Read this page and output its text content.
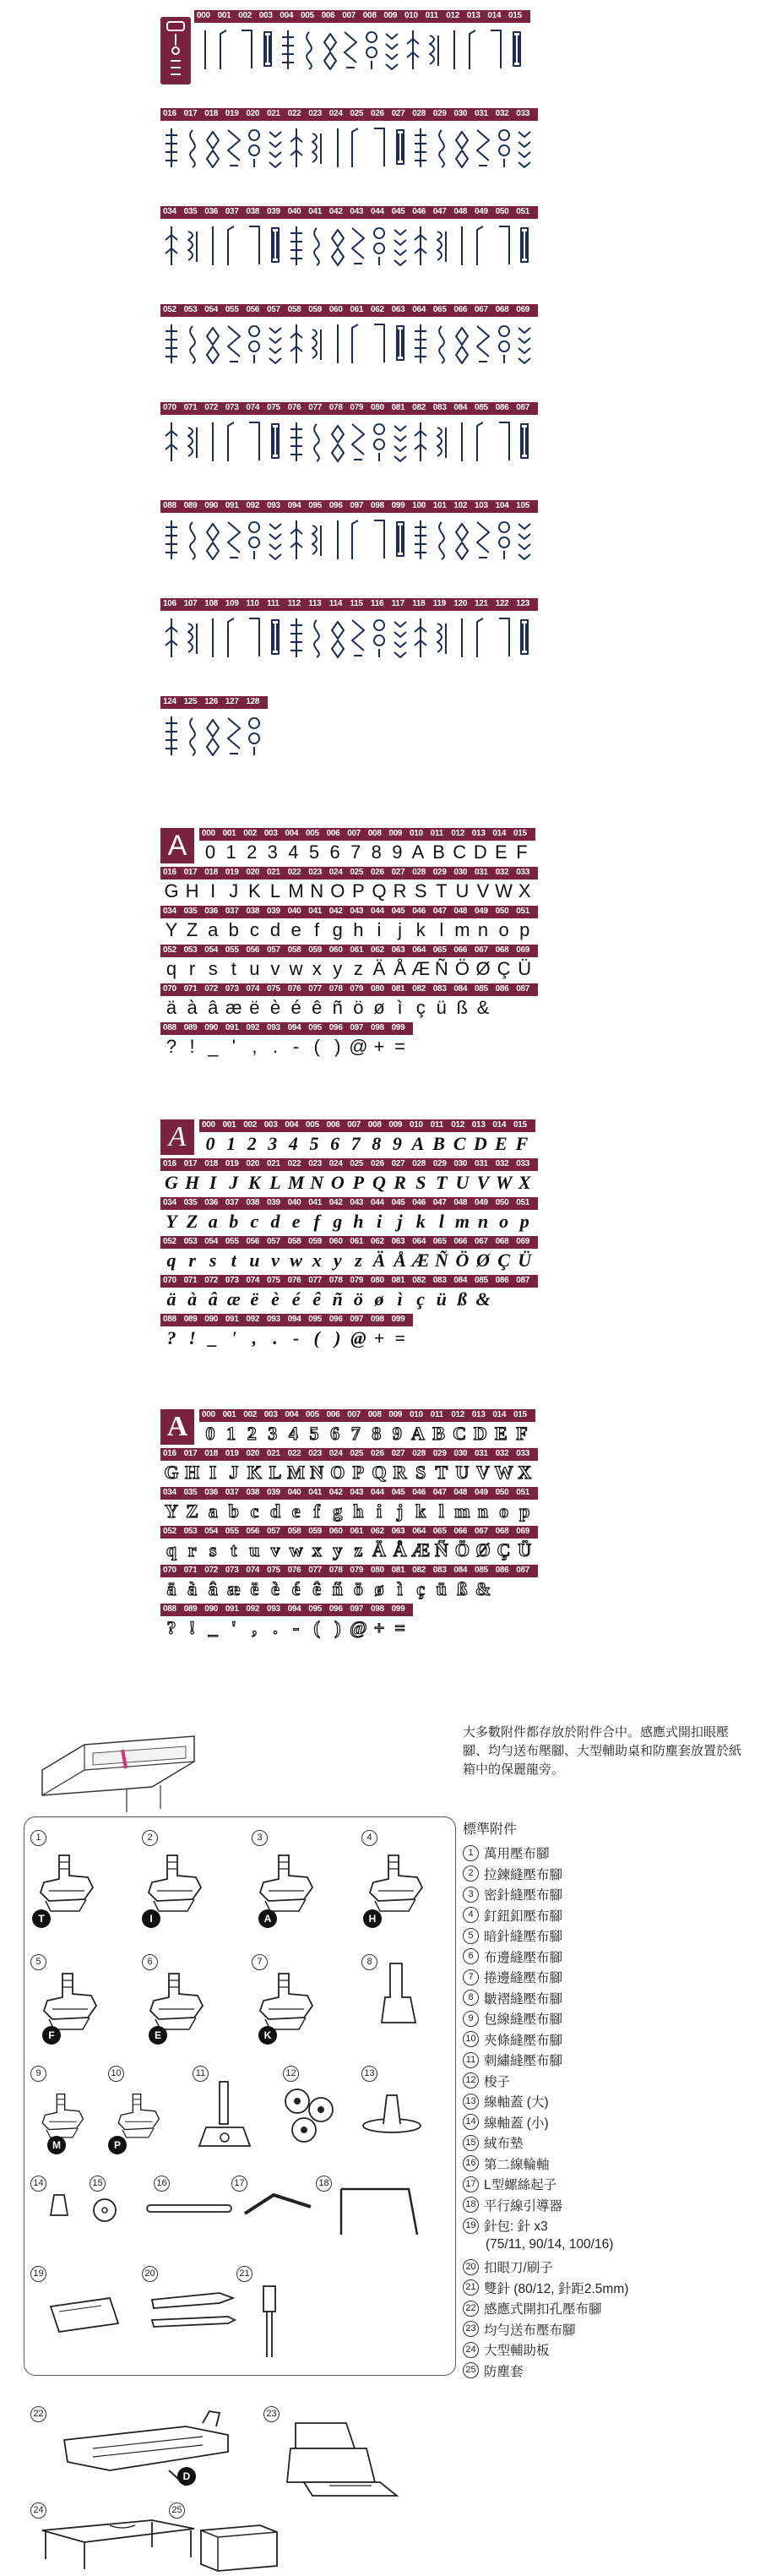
000 001 002 003 004 005 006 007 008 009 010 011 012 013 014 015
016 017 018 019 020 021 022 023 024 025 026 027 028 029 030 031 032 033
034 035 036 037 038 039 040 041 042 043 044 045 046 047 048 049 050 051
052 053 054 055 056 057 058 059 060 061 062 063 064 065 066 067 068 069
070 071 072 073 074 075 076 077 078 079 080 081 082 083 084 085 086 087
088 089 090 091 092 093 094 095 096 097 098 099 100 101 102 103 104 105
106 107 108 109 110 111 112 113 114 115 116 117 118 119 120 121 122 123
124 125 126 127 128
A	000 001 002 003 004 005 006 007 008 009 010 011 012 013 014 015
0 1 2 3 4 5 6 7 8 9 A B C D E F
016 017 018 019 020 021 022 023 024 025 026 027 028 029 030 031 032 033
G H I J K L M N O P Q R S T U V W X
034 035 036 037 038 039 040 041 042 043 044 045 046 047 048 049 050 051
Y Z a b c d e f g h i j k l m n o p
052 053 054 055 056 057 058 059 060 061 062 063 064 065 066 067 068 069
q r s t u v w x y z Ä Å Æ Ñ Ö Ø Ç Ü
070 071 072 073 074 075 076 077 078 079 080 081 082 083 084 085 086 087
ä à â æ ë è é ê ñ ö ø ì ç ü ß &
088 089 090 091 092 093 094 095 096 097 098 099
? ! _ ' , . - ( ) @ + =
A	000 001 002 003 004 005 006 007 008 009 010 011 012 013 014 015
0 1 2 3 4 5 6 7 8 9 A B C D E F
016 017 018 019 020 021 022 023 024 025 026 027 028 029 030 031 032 033
G H I J K L M N O P Q R S T U V W X
034 035 036 037 038 039 040 041 042 043 044 045 046 047 048 049 050 051
Y Z a b c d e f g h i j k l m n o p
052 053 054 055 056 057 058 059 060 061 062 063 064 065 066 067 068 069
q r s t u v w x y z Ä Å Æ Ñ Ö Ø Ç Ü
070 071 072 073 074 075 076 077 078 079 080 081 082 083 084 085 086 087
ä à â æ ë è é ê ñ ö ø ì ç ü ß &
088 089 090 091 092 093 094 095 096 097 098 099
? ! _ ' , . - ( ) @ + =
A	000 001 002 003 004 005 006 007 008 009 010 011 012 013 014 015
0 1 2 3 4 5 6 7 8 9 A B C D E F
016 017 018 019 020 021 022 023 024 025 026 027 028 029 030 031 032 033
G H I J K L M N O P Q R S T U V W X
034 035 036 037 038 039 040 041 042 043 044 045 046 047 048 049 050 051
Y Z a b c d e f g h i j k l m n o p
052 053 054 055 056 057 058 059 060 061 062 063 064 065 066 067 068 069
q r s t u v w x y z Ä Å Æ Ñ Ö Ø Ç Ü
070 071 072 073 074 075 076 077 078 079 080 081 082 083 084 085 086 087
ä à â æ ë è é ê ñ ö ø ì ç ü ß &
088 089 090 091 092 093 094 095 096 097 098 099
? ! _ ' , . - ( ) @ + =
大多數附件都存放於附件合中。感應式開扣眼壓腳、均勻送布壓腳、大型輔助桌和防塵套放置於紙箱中的保麗龍旁。
1	2	3	4
5	6	7	8
9	10	11	12	13
14	15	16	17	18
19	20	21
22	23
24	25
T	I	A	H
F	E	K
M	P
D
標準附件
1 萬用壓布腳
2 拉鍊縫壓布腳
3 密針縫壓布腳
4 釘鈕釦壓布腳
5 暗針縫壓布腳
6 布邊縫壓布腳
7 捲邊縫壓布腳
8 皺褶縫壓布腳
9 包線縫壓布腳
10 夾條縫壓布腳
11 刺繡縫壓布腳
12 梭子
13 線軸蓋 (大)
14 線軸蓋 (小)
15 絨布墊
16 第二線輪軸
17 L型螺絲起子
18 平行線引導器
19 針包: 針 x3
(75/11, 90/14, 100/16)
20 扣眼刀/刷子
21 雙針 (80/12, 針距2.5mm)
22 感應式開扣孔壓布腳
23 均勻送布壓布腳
24 大型輔助板
25 防塵套
